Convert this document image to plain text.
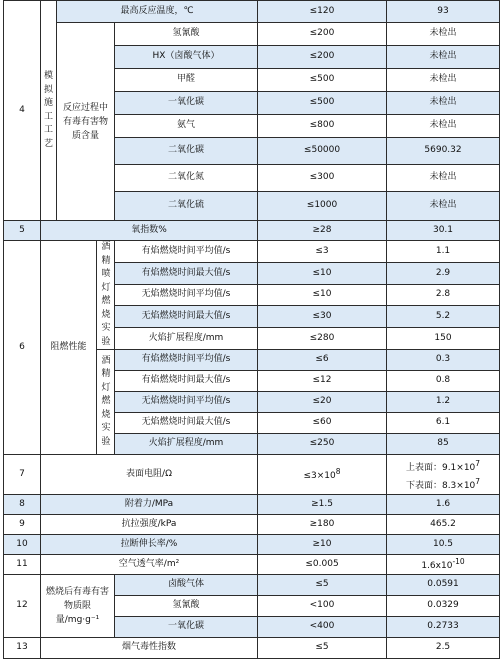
4	模拟施工工艺	最高反应温度，℃			≤120	93
		反应过程中有毒有害物质含量		氢氰酸	≤200	未检出
				HX（卤酸气体）	≤200	未检出
				甲醛	≤500	未检出
				一氧化碳	≤500	未检出
				氨气	≤800	未检出
				二氧化碳	≤50000	5690.32
				二氧化氮	≤300	未检出
				二氧化硫	≤1000	未检出
5	氧指数%				≥28	30.1
6	阻燃性能		酒精喷灯燃烧实验	有焰燃烧时间平均值/s	≤3	1.1
				有焰燃烧时间最大值/s	≤10	2.9
				无焰燃烧时间平均值/s	≤10	2.8
				无焰燃烧时间最大值/s	≤30	5.2
				火焰扩展程度/mm	≤280	150
			酒精灯燃烧实验	有焰燃烧时间平均值/s	≤6	0.3
				有焰燃烧时间最大值/s	≤12	0.8
				无焰燃烧时间平均值/s	≤20	1.2
				无焰燃烧时间最大值/s	≤60	6.1
				火焰扩展程度/mm	≤250	85
7	表面电阻/Ω				$\le 3\times 10^8$	上表面：$9.1\times 10^7$
下表面：$8.3\times 10^7$
8	附着力/MPa				≥1.5	1.6
9	抗拉强度/kPa				≥180	465.2
10	拉断伸长率/%				≥10	10.5
11	空气透气率/m²				≤0.005	$1.6x10^{-10}$
12	燃烧后有毒有害物质限量/mg·g⁻¹			卤酸气体	≤5	0.0591
				氢氰酸	<100	0.0329
				一氧化碳	<400	0.2733
13	烟气毒性指数				≤5	2.5
